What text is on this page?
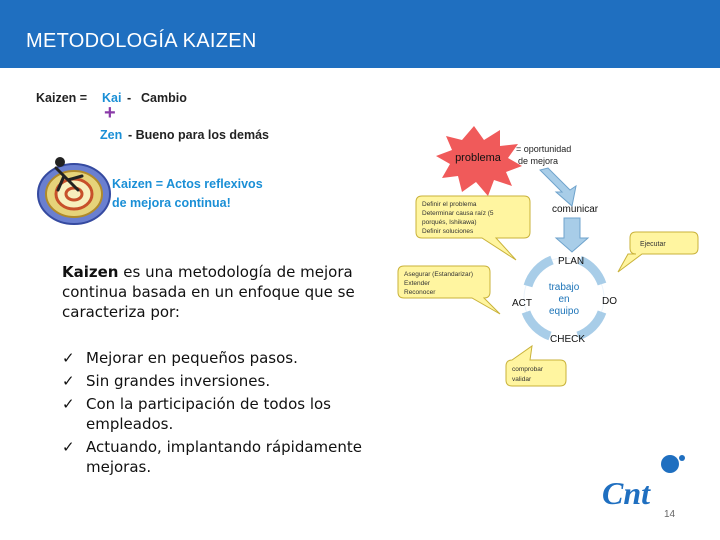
METODOLOGÍA KAIZEN
Kaizen = Kai - Cambio
+
Zen - Bueno para los demás
Kaizen = Actos reflexivos
de mejora continua!
Kaizen es una metodología de mejora continua basada en un enfoque que se caracteriza por:
✓ Mejorar en pequeños pasos.
✓ Sin grandes inversiones.
✓ Con la participación de todos los empleados.
✓ Actuando, implantando rápidamente mejoras.
problema
= oportunidad
de mejora
comunicar
Definir el problema
Determinar causa raíz (5
porqués, Ishikawa)
Definir soluciones
Ejecutar
Asegurar (Estandarizar)
Extender
Reconocer
PLAN
ACT	DO
CHECK
trabajo
en
equipo
comprobar
validar
Cnt
14
